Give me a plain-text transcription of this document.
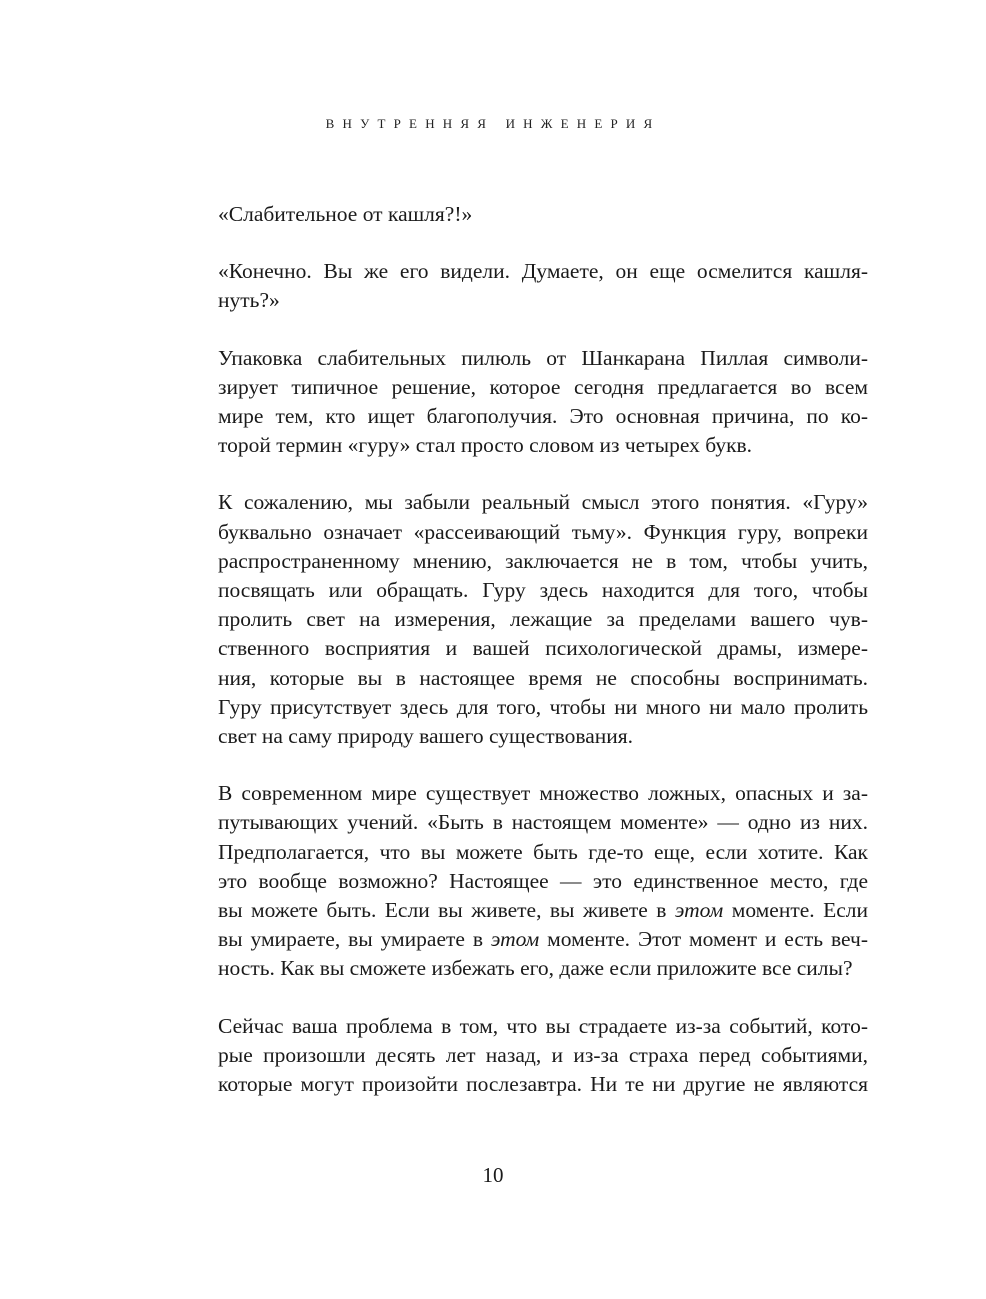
ВНУТРЕННЯЯ ИНЖЕНЕРИЯ

«Слабительное от кашля?!»

«Конечно. Вы же его видели. Думаете, он еще осмелится кашля-
нуть?»

Упаковка слабительных пилюль от Шанкарана Пиллая символи-
зирует типичное решение, которое сегодня предлагается во всем
мире тем, кто ищет благополучия. Это основная причина, по ко-
торой термин «гуру» стал просто словом из четырех букв.

К сожалению, мы забыли реальный смысл этого понятия. «Гуру»
буквально означает «рассеивающий тьму». Функция гуру, вопреки
распространенному мнению, заключается не в том, чтобы учить,
посвящать или обращать. Гуру здесь находится для того, чтобы
пролить свет на измерения, лежащие за пределами вашего чув-
ственного восприятия и вашей психологической драмы, измере-
ния, которые вы в настоящее время не способны воспринимать.
Гуру присутствует здесь для того, чтобы ни много ни мало пролить
свет на саму природу вашего существования.

В современном мире существует множество ложных, опасных и за-
путывающих учений. «Быть в настоящем моменте» — одно из них.
Предполагается, что вы можете быть где-то еще, если хотите. Как
это вообще возможно? Настоящее — это единственное место, где
вы можете быть. Если вы живете, вы живете в этом моменте. Если
вы умираете, вы умираете в этом моменте. Этот момент и есть веч-
ность. Как вы сможете избежать его, даже если приложите все силы?

Сейчас ваша проблема в том, что вы страдаете из-за событий, кото-
рые произошли десять лет назад, и из-за страха перед событиями,
которые могут произойти послезавтра. Ни те ни другие не являются

10
